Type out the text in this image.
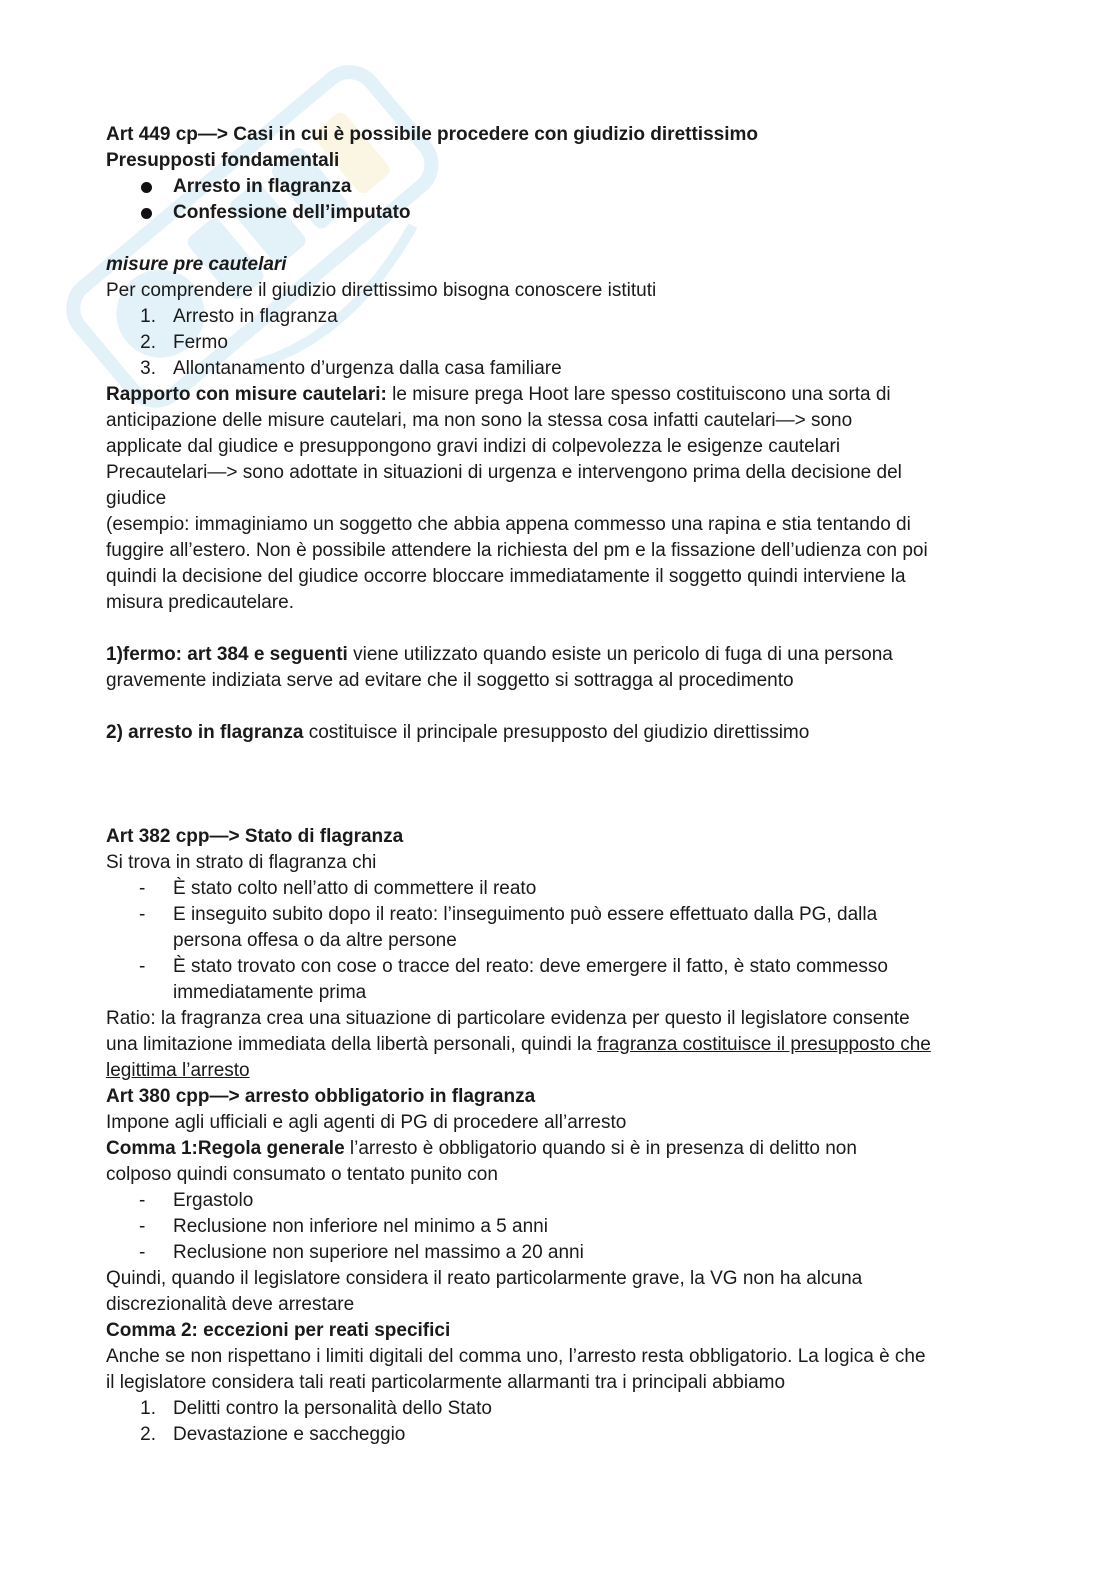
Art 449 cp—> Casi in cui è possibile procedere con giudizio direttissimo

Presupposti fondamentali

Arresto in flagranza
Confessione dell’imputato

misure pre cautelari

Per comprendere il giudizio direttissimo bisogna conoscere istituti

1. Arresto in flagranza
2. Fermo
3. Allontanamento d’urgenza dalla casa familiare

Rapporto con misure cautelari: le misure prega Hoot lare spesso costituiscono una sorta di

anticipazione delle misure cautelari, ma non sono la stessa cosa infatti cautelari—> sono

applicate dal giudice e presuppongono gravi indizi di colpevolezza le esigenze cautelari

Precautelari—> sono adottate in situazioni di urgenza e intervengono prima della decisione del

giudice

(esempio: immaginiamo un soggetto che abbia appena commesso una rapina e stia tentando di

fuggire all’estero. Non è possibile attendere la richiesta del pm e la fissazione dell’udienza con poi

quindi la decisione del giudice occorre bloccare immediatamente il soggetto quindi interviene la

misura predicautelare.

1)fermo: art 384 e seguenti viene utilizzato quando esiste un pericolo di fuga di una persona

gravemente indiziata serve ad evitare che il soggetto si sottragga al procedimento

2) arresto in flagranza costituisce il principale presupposto del giudizio direttissimo

Art 382 cpp—> Stato di flagranza

Si trova in strato di flagranza chi

- È stato colto nell’atto di commettere il reato
- E inseguito subito dopo il reato: l’inseguimento può essere effettuato dalla PG, dalla
persona offesa o da altre persone
- È stato trovato con cose o tracce del reato: deve emergere il fatto, è stato commesso
immediatamente prima

Ratio: la fragranza crea una situazione di particolare evidenza per questo il legislatore consente

una limitazione immediata della libertà personali, quindi la fragranza costituisce il presupposto che

legittima l’arresto

Art 380 cpp—> arresto obbligatorio in flagranza

Impone agli ufficiali e agli agenti di PG di procedere all’arresto

Comma 1:Regola generale l’arresto è obbligatorio quando si è in presenza di delitto non

colposo quindi consumato o tentato punito con

- Ergastolo
- Reclusione non inferiore nel minimo a 5 anni
- Reclusione non superiore nel massimo a 20 anni

Quindi, quando il legislatore considera il reato particolarmente grave, la VG non ha alcuna

discrezionalità deve arrestare

Comma 2: eccezioni per reati specifici

Anche se non rispettano i limiti digitali del comma uno, l’arresto resta obbligatorio. La logica è che

il legislatore considera tali reati particolarmente allarmanti tra i principali abbiamo

1. Delitti contro la personalità dello Stato
2. Devastazione e saccheggio
